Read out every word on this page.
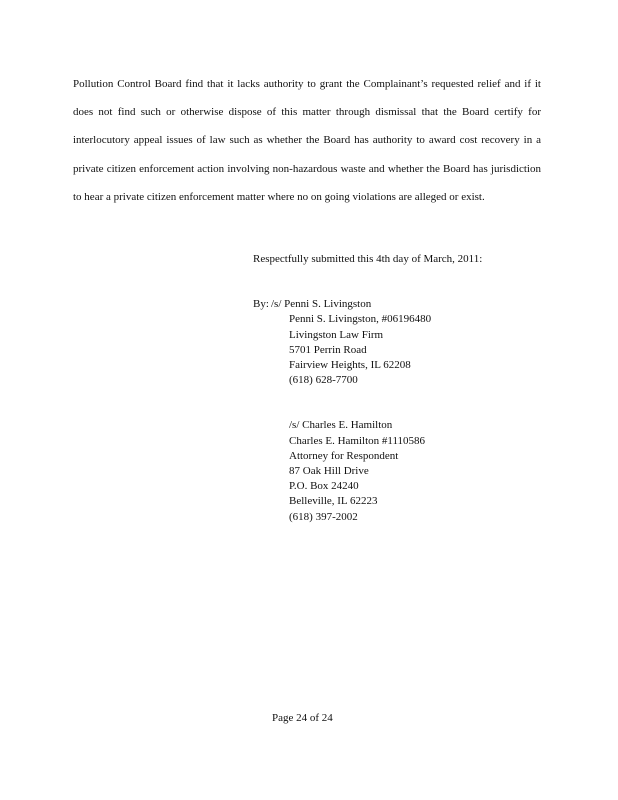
Pollution Control Board find that it lacks authority to grant the Complainant’s requested relief and if it does not find such or otherwise dispose of this matter through dismissal that the Board certify for interlocutory appeal issues of law such as whether the Board has authority to award cost recovery in a private citizen enforcement action involving non-hazardous waste and whether the Board has jurisdiction to hear a private citizen enforcement matter where no on going violations are alleged or exist.

Respectfully submitted this 4th day of March, 2011:
By: /s/ Penni S. Livingston
Penni S. Livingston, #06196480
Livingston Law Firm
5701 Perrin Road
Fairview Heights, IL 62208
(618) 628-7700
/s/ Charles E. Hamilton
Charles E. Hamilton #1110586
Attorney for Respondent
87 Oak Hill Drive
P.O. Box 24240
Belleville, IL 62223
(618) 397-2002
Page 24 of 24
